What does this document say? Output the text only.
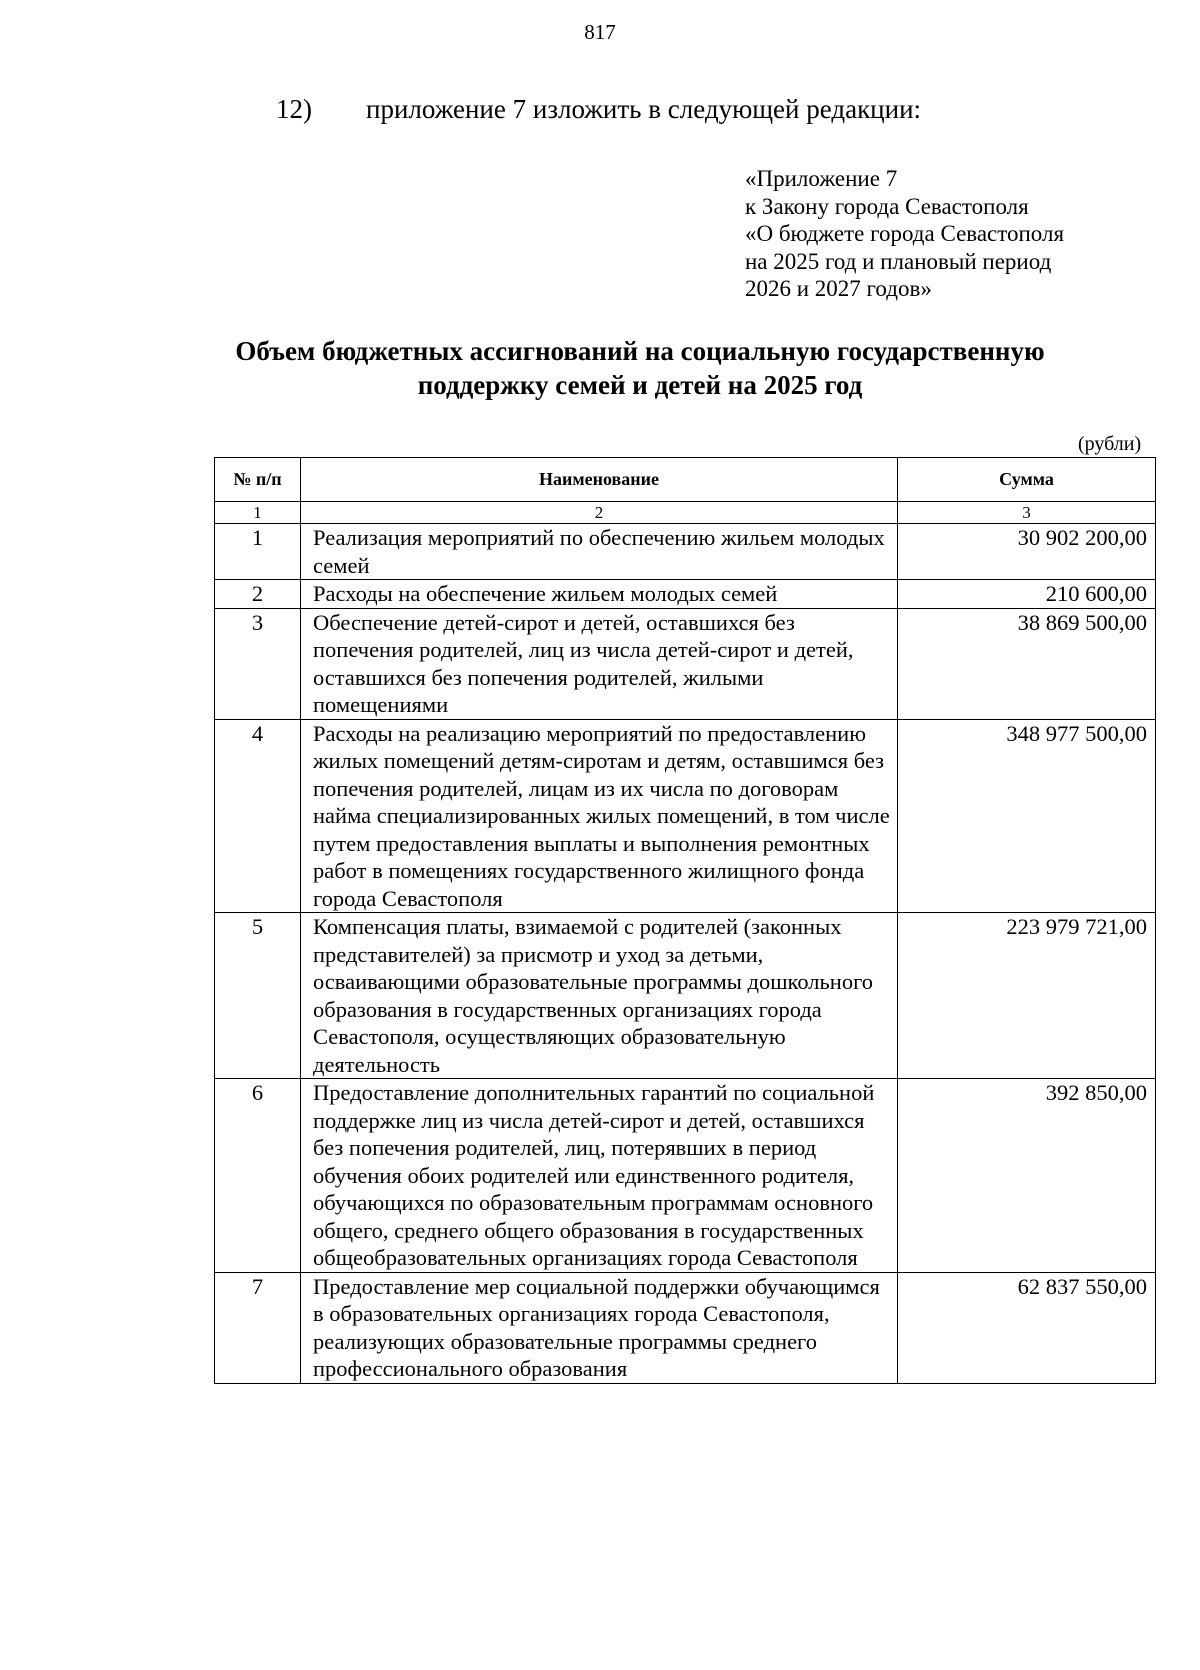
817
12) приложение 7 изложить в следующей редакции:
«Приложение 7
к Закону города Севастополя
«О бюджете города Севастополя
на 2025 год и плановый период
2026 и 2027 годов»
Объем бюджетных ассигнований на социальную государственную
поддержку семей и детей на 2025 год
(рубли)
№ п/п	Наименование	Сумма
1	2	3
1	Реализация мероприятий по обеспечению жильем молодых семей	30 902 200,00
2	Расходы на обеспечение жильем молодых семей	210 600,00
3	Обеспечение детей-сирот и детей, оставшихся без попечения родителей, лиц из числа детей-сирот и детей, оставшихся без попечения родителей, жилыми помещениями	38 869 500,00
4	Расходы на реализацию мероприятий по предоставлению жилых помещений детям-сиротам и детям, оставшимся без попечения родителей, лицам из их числа по договорам найма специализированных жилых помещений, в том числе путем предоставления выплаты и выполнения ремонтных работ в помещениях государственного жилищного фонда города Севастополя	348 977 500,00
5	Компенсация платы, взимаемой с родителей (законных представителей) за присмотр и уход за детьми, осваивающими образовательные программы дошкольного образования в государственных организациях города Севастополя, осуществляющих образовательную деятельность	223 979 721,00
6	Предоставление дополнительных гарантий по социальной поддержке лиц из числа детей-сирот и детей, оставшихся без попечения родителей, лиц, потерявших в период обучения обоих родителей или единственного родителя, обучающихся по образовательным программам основного общего, среднего общего образования в государственных общеобразовательных организациях города Севастополя	392 850,00
7	Предоставление мер социальной поддержки обучающимся в образовательных организациях города Севастополя, реализующих образовательные программы среднего профессионального образования	62 837 550,00
